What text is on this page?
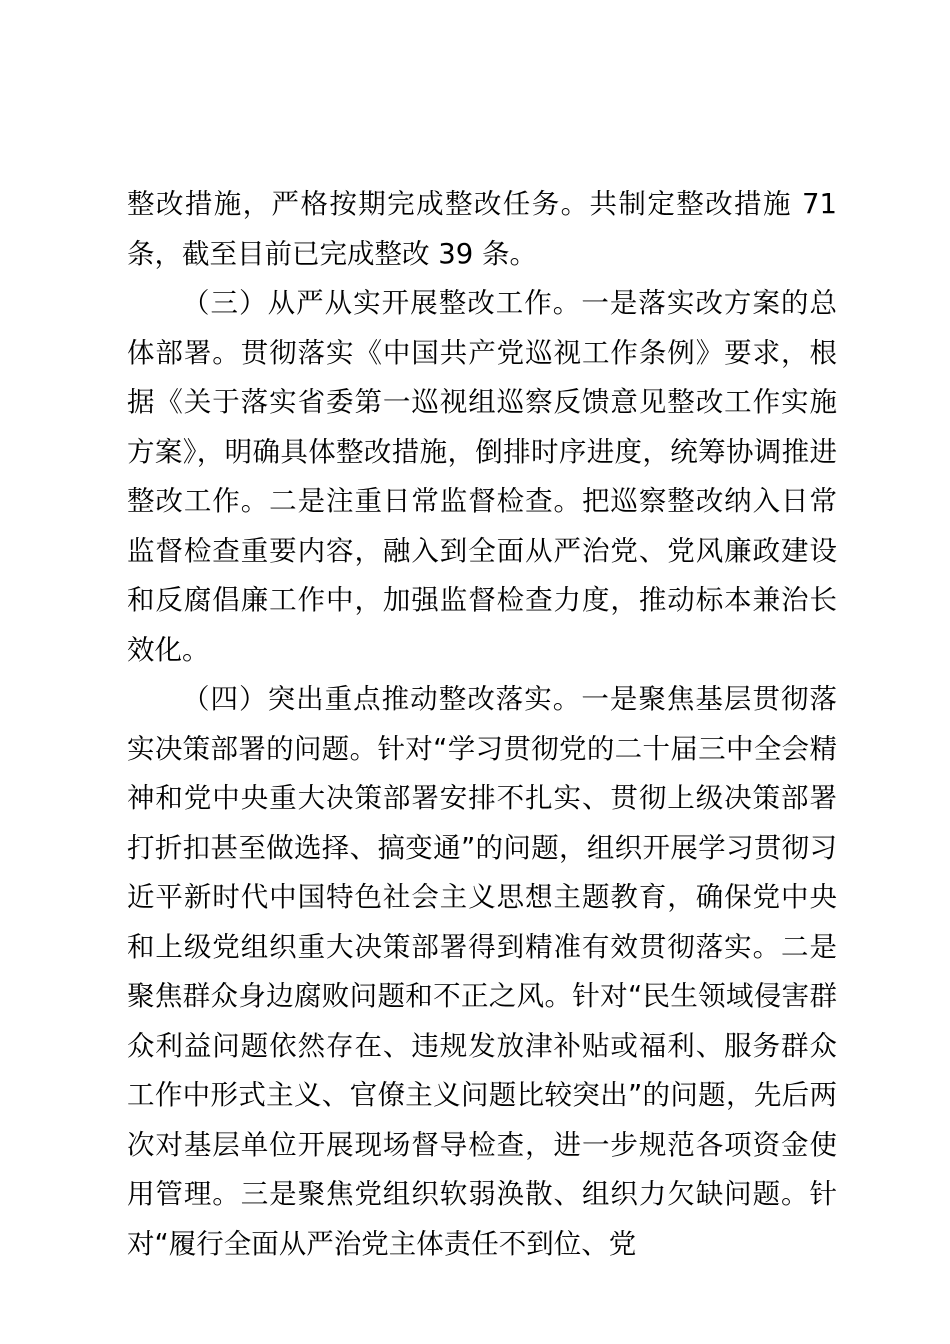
整改措施，严格按期完成整改任务。共制定整改措施 71 条，截至目前已完成整改 39 条。

（三）从严从实开展整改工作。一是落实改方案的总体部署。贯彻落实《中国共产党巡视工作条例》要求，根据《关于落实省委第一巡视组巡察反馈意见整改工作实施方案》，明确具体整改措施，倒排时序进度，统筹协调推进整改工作。二是注重日常监督检查。把巡察整改纳入日常监督检查重要内容，融入到全面从严治党、党风廉政建设和反腐倡廉工作中，加强监督检查力度，推动标本兼治长效化。

（四）突出重点推动整改落实。一是聚焦基层贯彻落实决策部署的问题。针对“学习贯彻党的二十届三中全会精神和党中央重大决策部署安排不扎实、贯彻上级决策部署打折扣甚至做选择、搞变通”的问题，组织开展学习贯彻习近平新时代中国特色社会主义思想主题教育，确保党中央和上级党组织重大决策部署得到精准有效贯彻落实。二是聚焦群众身边腐败问题和不正之风。针对“民生领域侵害群众利益问题依然存在、违规发放津补贴或福利、服务群众工作中形式主义、官僚主义问题比较突出”的问题，先后两次对基层单位开展现场督导检查，进一步规范各项资金使用管理。三是聚焦党组织软弱涣散、组织力欠缺问题。针对“履行全面从严治党主体责任不到位、党
